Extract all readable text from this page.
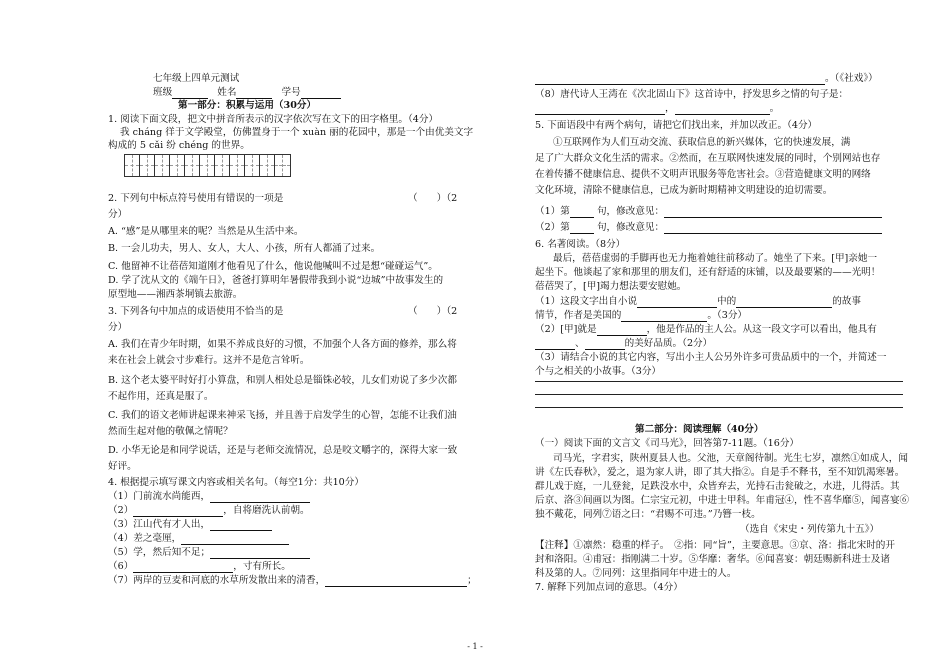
七年级上四单元测试
班级	姓名	学号
第一部分：积累与运用（30分）
1. 阅读下面文段，把文中拼音所表示的汉字依次写在文下的田字格里。（4分）
我 cháng 徉于文学殿堂，仿佛置身于一个 xuàn 丽的花园中，那是一个由优美文字
构成的 5 cǎi 纷 chéng 的世界。
2. 下列句中标点符号使用有错误的一项是	（　　）（2
分）
A. “感”是从哪里来的呢？当然是从生活中来。
B. 一会儿功夫，男人、女人，大人、小孩，所有人都涌了过来。
C. 他留神不让蓓蓓知道刚才他看见了什么，他说他喊叫不过是想“碰碰运气”。
D. 学了沈从文的《端午日》，爸爸打算明年暑假带我到小说“边城”中故事发生的
原型地——湘西茶垌镇去旅游。
3. 下列各句中加点的成语使用不恰当的是	（　　）（2
分）
A. 我们在青少年时期，如果不养成良好的习惯，不加强个人各方面的修养，那么将
来在社会上就会寸步难行。这并不是危言耸听。
B. 这个老太婆平时好打小算盘，和别人相处总是锱铢必较，儿女们劝说了多少次都
不起作用，还真是服了。
C. 我们的语文老师讲起课来神采飞扬，并且善于启发学生的心智，怎能不让我们油
然而生起对他的敬佩之情呢？
D. 小华无论是和同学说话，还是与老师交流情况，总是咬文嚼字的，深得大家一致
好评。
4. 根据提示填写课文内容或相关名句。（每空1分：共10分）
（1）门前流水尚能西，
（2）	，自将磨洗认前朝。
（3）江山代有才人出，
（4）差之毫厘，
（5）学，然后知不足；
（6）	，寸有所长。
（7）两岸的豆麦和河底的水草所发散出来的清香，	；
。（《社戏》）
（8）唐代诗人王湾在《次北固山下》这首诗中，抒发思乡之情的句子是：
，	。
5. 下面语段中有两个病句，请把它们找出来，并加以改正。（4分）
①互联网作为人们互动交流、获取信息的新兴媒体，它的快速发展，满
足了广大群众文化生活的需求。②然而，在互联网快速发展的同时，个别网站也存
在着传播不健康信息、提供不文明声讯服务等危害社会。③营造健康文明的网络
文化环境，清除不健康信息，已成为新时期精神文明建设的迫切需要。
（1）第	句，修改意见：
（2）第	句，修改意见：
6. 名著阅读。（8分）
最后，蓓蓓虚弱的手脚再也无力拖着她往前移动了。她坐了下来。[甲]亲她一
起坐下。他谈起了家和那里的朋友们，还有舒适的床铺，以及最要紧的——光明！
蓓蓓哭了，[甲]竭力想法要安慰她。
（1）这段文字出自小说	中的	的故事
情节，作者是美国的	。（3分）
（2）[甲]就是	，他是作品的主人公。从这一段文字可以看出，他具有
、	的美好品质。（2分）
（3）请结合小说的其它内容，写出小主人公另外许多可贵品质中的一个，并简述一
个与之相关的小故事。（3分）
第二部分：阅读理解（40分）
（一）阅读下面的文言文《司马光》，回答第7-11题。（16分）
司马光，字君实，陕州夏县人也。父池，天章阁待制。光生七岁，凛然①如成人，闻
讲《左氏春秋》，爱之，退为家人讲，即了其大指②。自是手不释书，至不知饥渴寒暑。
群儿戏于庭，一儿登瓮，足跌没水中，众皆弃去，光持石击瓮破之，水进，儿得活。其
后京、洛③间画以为图。仁宗宝元初，中进士甲科。年甫冠④，性不喜华靡⑤，闻喜宴⑥
独不戴花，同列⑦语之曰：“君赐不可违。”乃簪一枝。
（选自《宋史・列传第九十五》）
【注释】①凛然：稳重的样子。　②指：同“旨”，主要意思。③京、洛：指北宋时的开
封和洛阳。④甫冠：指刚满二十岁。⑤华靡：奢华。⑥闻喜宴：朝廷赐新科进士及诸
科及第的人。⑦同列：这里指同年中进士的人。
7. 解释下列加点词的意思。（4分）
- 1 -
